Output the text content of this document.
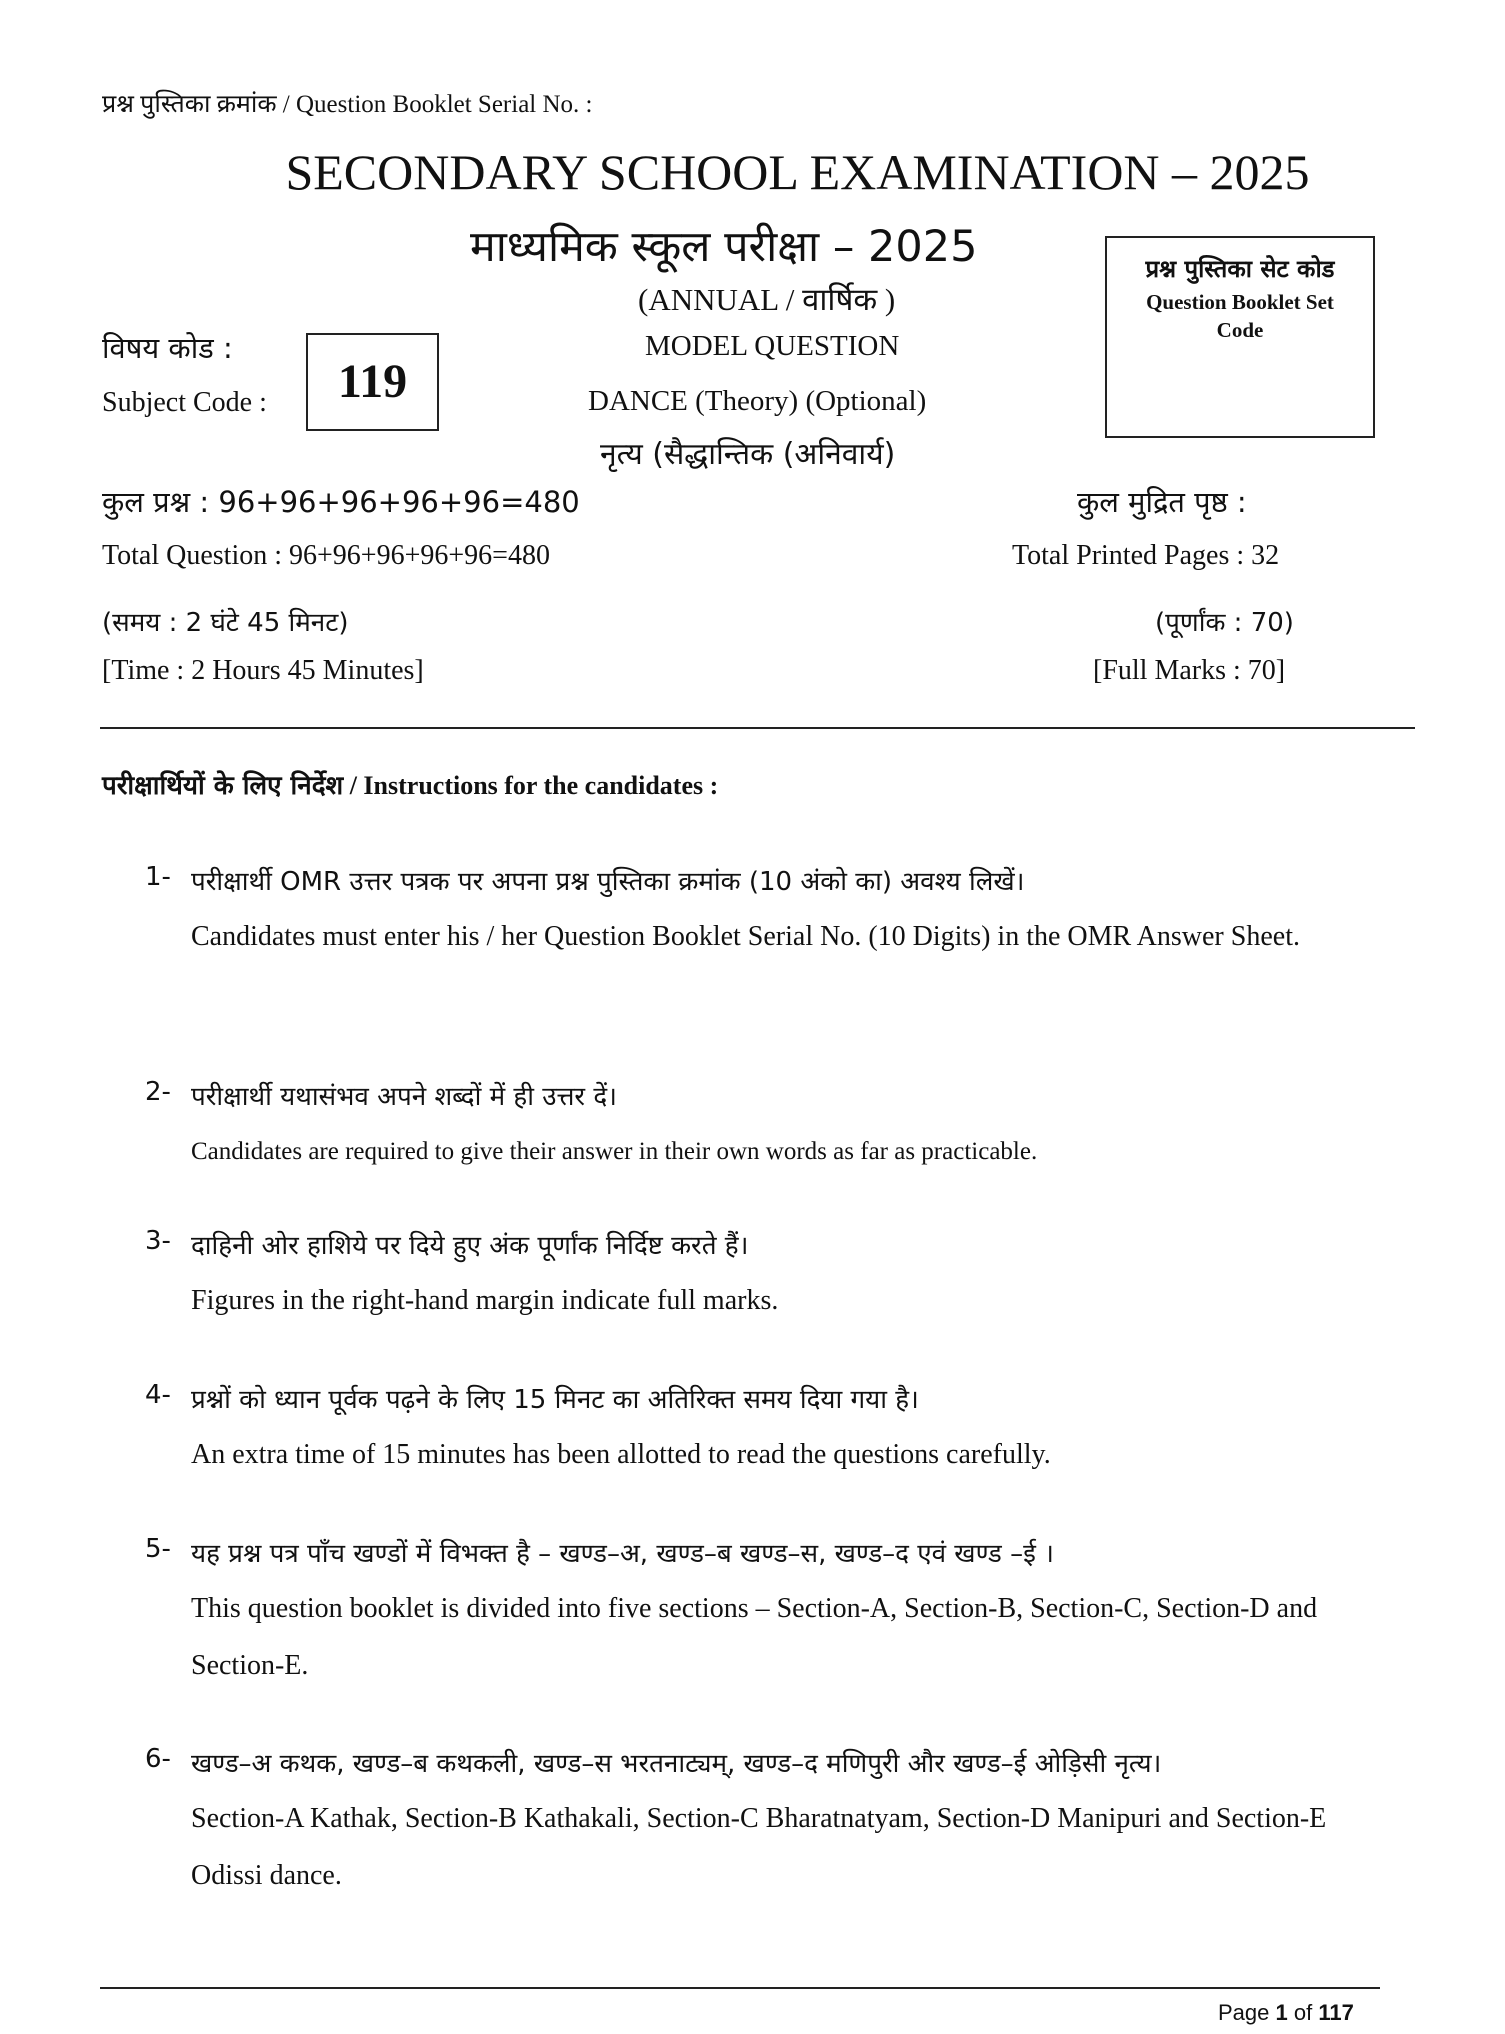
प्रश्न पुस्तिका क्रमांक / Question Booklet Serial No. :
SECONDARY SCHOOL EXAMINATION – 2025
माध्यमिक स्कूल परीक्षा – 2025
(ANNUAL / वार्षिक )
MODEL QUESTION
DANCE (Theory) (Optional)
नृत्य (सैद्धान्तिक (अनिवार्य)
प्रश्न पुस्तिका सेट कोड
Question Booklet Set Code
विषय कोड :
Subject Code :	119
कुल प्रश्न : 96+96+96+96+96=480
Total Question : 96+96+96+96+96=480
कुल मुद्रित पृष्ठ :
Total Printed Pages : 32
(समय : 2 घंटे 45 मिनट)
[Time : 2 Hours 45 Minutes]
(पूर्णांक : 70)
[Full Marks : 70]
परीक्षार्थियों के लिए निर्देश / Instructions for the candidates :
1- परीक्षार्थी OMR उत्तर पत्रक पर अपना प्रश्न पुस्तिका क्रमांक (10 अंको का) अवश्य लिखें।
Candidates must enter his / her Question Booklet Serial No. (10 Digits) in the OMR Answer Sheet.
2- परीक्षार्थी यथासंभव अपने शब्दों में ही उत्तर दें।
Candidates are required to give their answer in their own words as far as practicable.
3- दाहिनी ओर हाशिये पर दिये हुए अंक पूर्णांक निर्दिष्ट करते हैं।
Figures in the right-hand margin indicate full marks.
4- प्रश्नों को ध्यान पूर्वक पढ़ने के लिए 15 मिनट का अतिरिक्त समय दिया गया है।
An extra time of 15 minutes has been allotted to read the questions carefully.
5- यह प्रश्न पत्र पाँच खण्डों में विभक्त है – खण्ड–अ, खण्ड–ब खण्ड–स, खण्ड–द एवं खण्ड –ई ।
This question booklet is divided into five sections – Section-A, Section-B, Section-C, Section-D and Section-E.
6- खण्ड–अ कथक, खण्ड–ब कथकली, खण्ड–स भरतनाट्यम्, खण्ड–द मणिपुरी और खण्ड–ई ओड़िसी नृत्य।
Section-A Kathak, Section-B Kathakali, Section-C Bharatnatyam, Section-D Manipuri and Section-E Odissi dance.
Page 1 of 117
